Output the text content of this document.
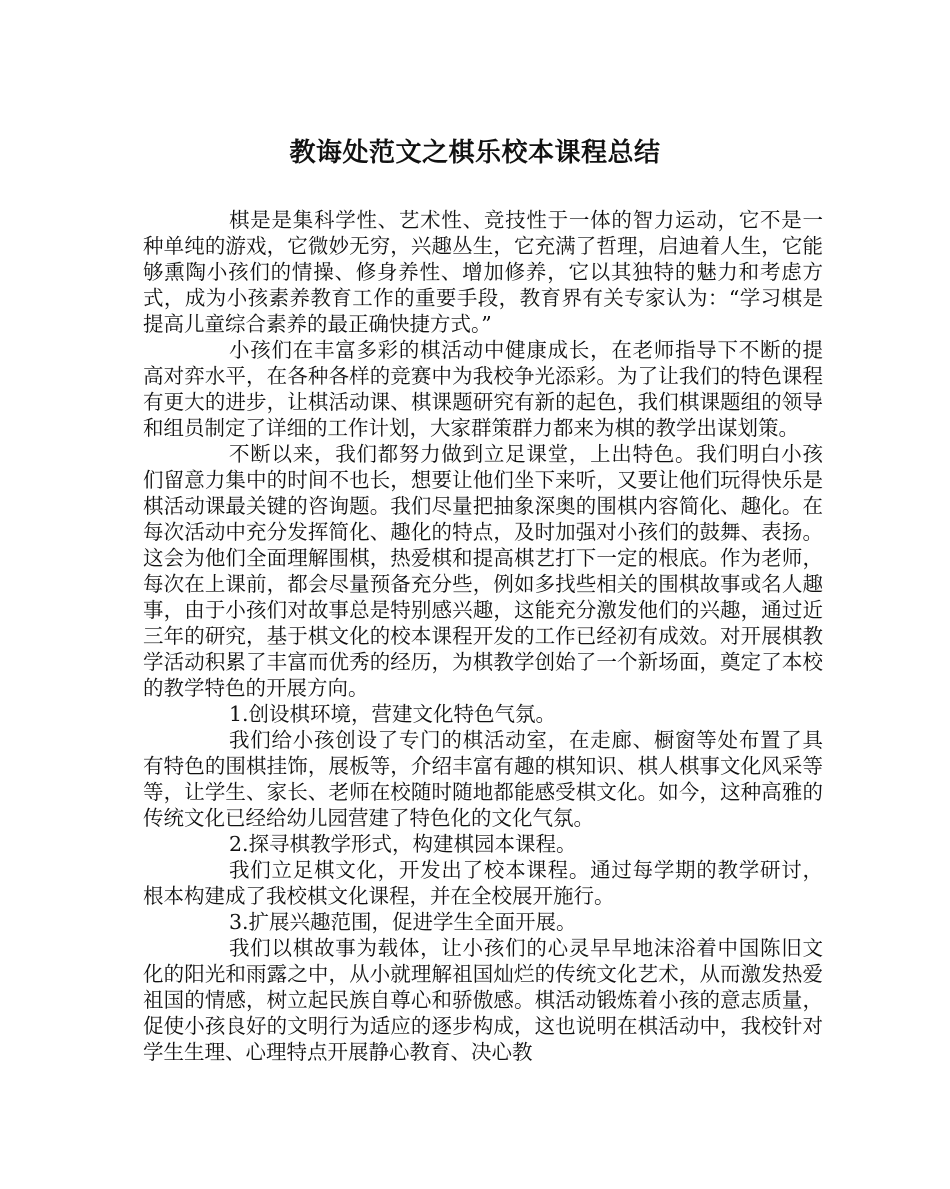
教诲处范文之棋乐校本课程总结

棋是是集科学性、艺术性、竞技性于一体的智力运动，它不是一种单纯的游戏，它微妙无穷，兴趣丛生，它充满了哲理，启迪着人生，它能够熏陶小孩们的情操、修身养性、增加修养，它以其独特的魅力和考虑方式，成为小孩素养教育工作的重要手段，教育界有关专家认为：“学习棋是提高儿童综合素养的最正确快捷方式。”

小孩们在丰富多彩的棋活动中健康成长，在老师指导下不断的提高对弈水平，在各种各样的竞赛中为我校争光添彩。为了让我们的特色课程有更大的进步，让棋活动课、棋课题研究有新的起色，我们棋课题组的领导和组员制定了详细的工作计划，大家群策群力都来为棋的教学出谋划策。

不断以来，我们都努力做到立足课堂，上出特色。我们明白小孩们留意力集中的时间不也长，想要让他们坐下来听，又要让他们玩得快乐是棋活动课最关键的咨询题。我们尽量把抽象深奥的围棋内容简化、趣化。在每次活动中充分发挥简化、趣化的特点，及时加强对小孩们的鼓舞、表扬。这会为他们全面理解围棋，热爱棋和提高棋艺打下一定的根底。作为老师，每次在上课前，都会尽量预备充分些，例如多找些相关的围棋故事或名人趣事，由于小孩们对故事总是特别感兴趣，这能充分激发他们的兴趣，通过近三年的研究，基于棋文化的校本课程开发的工作已经初有成效。对开展棋教学活动积累了丰富而优秀的经历，为棋教学创始了一个新场面，奠定了本校的教学特色的开展方向。

1.创设棋环境，营建文化特色气氛。

我们给小孩创设了专门的棋活动室，在走廊、橱窗等处布置了具有特色的围棋挂饰，展板等，介绍丰富有趣的棋知识、棋人棋事文化风采等等，让学生、家长、老师在校随时随地都能感受棋文化。如今，这种高雅的传统文化已经给幼儿园营建了特色化的文化气氛。

2.探寻棋教学形式，构建棋园本课程。

我们立足棋文化，开发出了校本课程。通过每学期的教学研讨，根本构建成了我校棋文化课程，并在全校展开施行。

3.扩展兴趣范围，促进学生全面开展。

我们以棋故事为载体，让小孩们的心灵早早地沫浴着中国陈旧文化的阳光和雨露之中，从小就理解祖国灿烂的传统文化艺术，从而激发热爱祖国的情感，树立起民族自尊心和骄傲感。棋活动锻炼着小孩的意志质量，促使小孩良好的文明行为适应的逐步构成，这也说明在棋活动中，我校针对学生生理、心理特点开展静心教育、决心教
